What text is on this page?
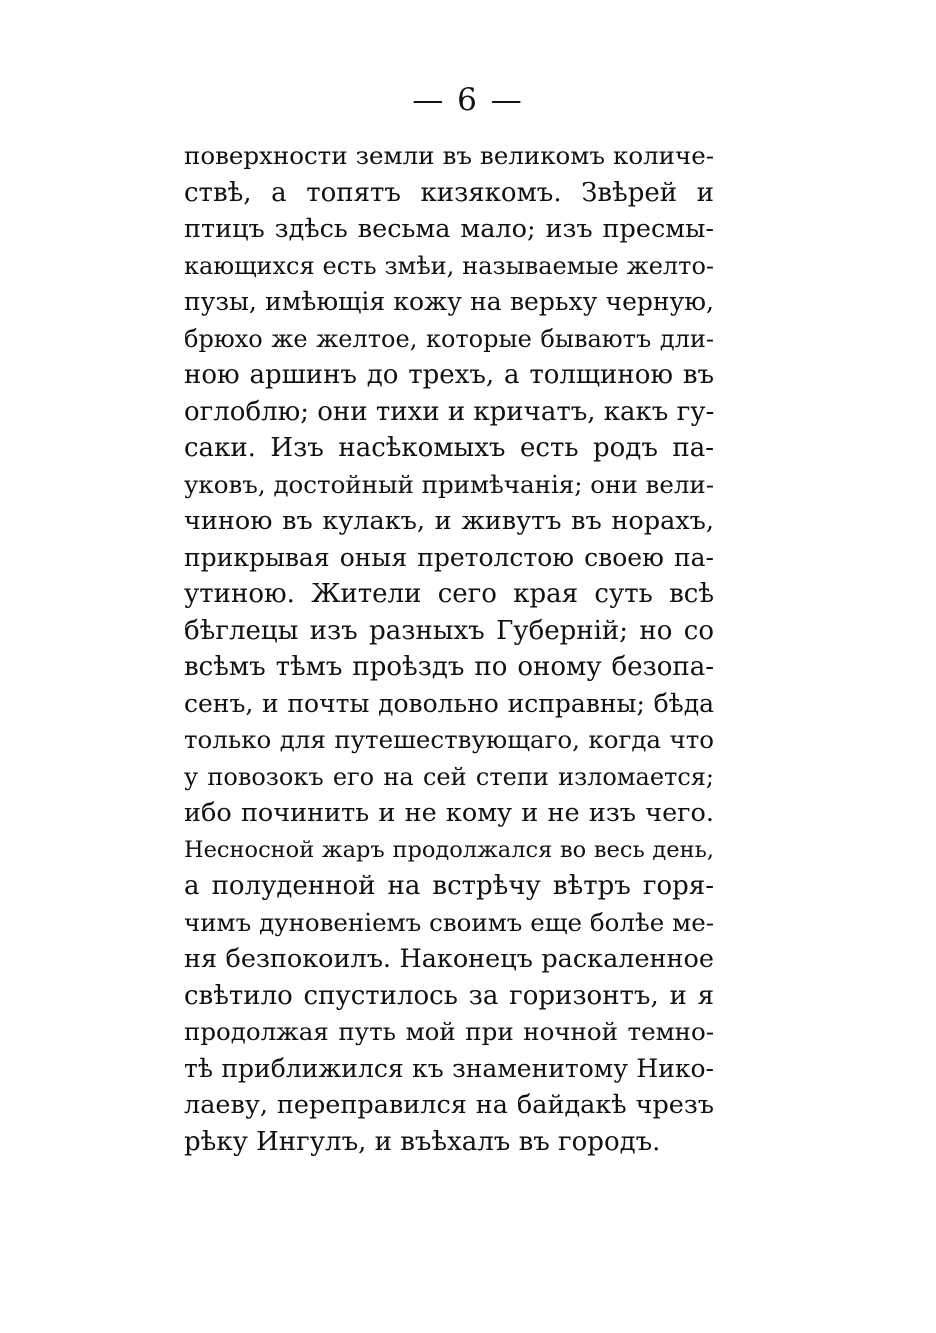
— 6 —
поверхности земли въ великомъ количе-
ствѣ, а топятъ кизякомъ. Звѣрей и
птицъ здѣсь весьма мало; изъ пресмы-
кающихся есть змѣи, называемые желто-
пузы, имѣющія кожу на верьху черную,
брюхо же желтое, которые бываютъ дли-
ною аршинъ до трехъ, а толщиною въ
оглоблю; они тихи и кричатъ, какъ гу-
саки. Изъ насѣкомыхъ есть родъ па-
уковъ, достойный примѣчанія; они вели-
чиною въ кулакъ, и живутъ въ норахъ,
прикрывая оныя претолстою своею па-
утиною. Жители сего края суть всѣ
бѣглецы изъ разныхъ Губерній; но со
всѣмъ тѣмъ проѣздъ по оному безопа-
сенъ, и почты довольно исправны; бѣда
только для путешествующаго, когда что
у повозокъ его на сей степи изломается;
ибо починить и не кому и не изъ чего.
Несносной жаръ продолжался во весь день,
а полуденной на встрѣчу вѣтръ горя-
чимъ дуновеніемъ своимъ еще болѣе ме-
ня безпокоилъ. Наконецъ раскаленное
свѣтило спустилось за горизонтъ, и я
продолжая путь мой при ночной темно-
тѣ приближился къ знаменитому Нико-
лаеву, переправился на байдакѣ чрезъ
рѣку Ингулъ, и въѣхалъ въ городъ.
